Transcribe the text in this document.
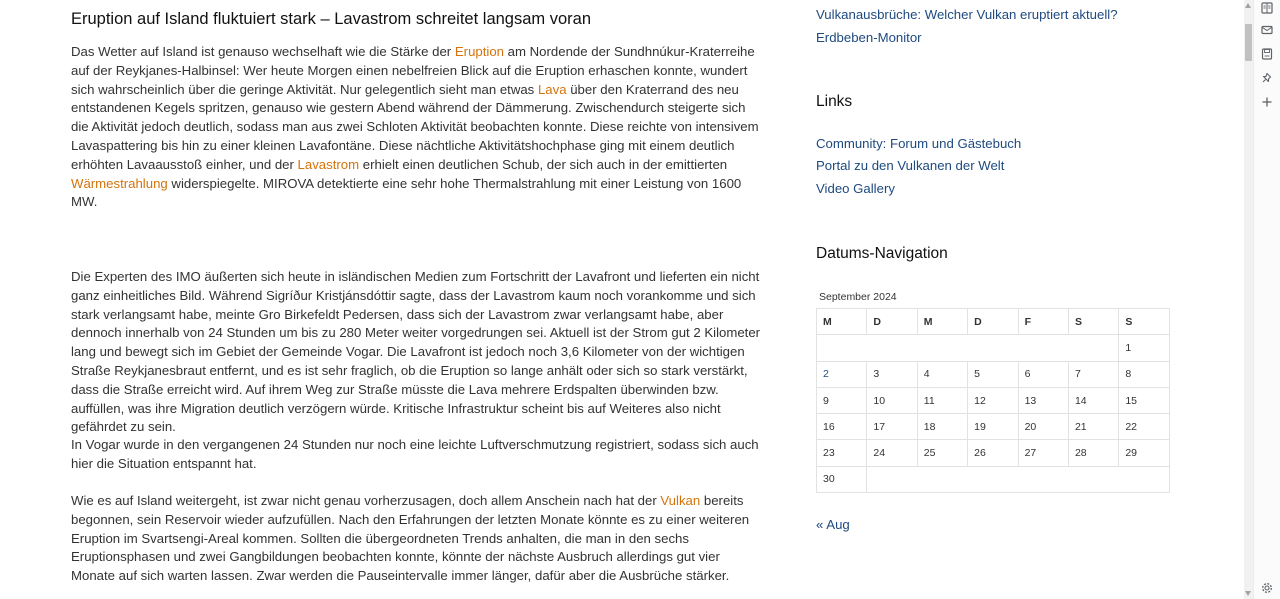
Eruption auf Island fluktuiert stark – Lavastrom schreitet langsam voran

Das Wetter auf Island ist genauso wechselhaft wie die Stärke der Eruption am Nordende der Sundhnúkur-Kraterreihe auf der Reykjanes-Halbinsel: Wer heute Morgen einen nebelfreien Blick auf die Eruption erhaschen konnte, wundert sich wahrscheinlich über die geringe Aktivität. Nur gelegentlich sieht man etwas Lava über den Kraterrand des neu entstandenen Kegels spritzen, genauso wie gestern Abend während der Dämmerung. Zwischendurch steigerte sich die Aktivität jedoch deutlich, sodass man aus zwei Schloten Aktivität beobachten konnte. Diese reichte von intensivem Lavaspattering bis hin zu einer kleinen Lavafontäne. Diese nächtliche Aktivitätshochphase ging mit einem deutlich erhöhten Lavaausstoß einher, und der Lavastrom erhielt einen deutlichen Schub, der sich auch in der emittierten Wärmestrahlung widerspiegelte. MIROVA detektierte eine sehr hohe Thermalstrahlung mit einer Leistung von 1600 MW.

Die Experten des IMO äußerten sich heute in isländischen Medien zum Fortschritt der Lavafront und lieferten ein nicht ganz einheitliches Bild. Während Sigríður Kristjánsdóttir sagte, dass der Lavastrom kaum noch vorankomme und sich stark verlangsamt habe, meinte Gro Birkefeldt Pedersen, dass sich der Lavastrom zwar verlangsamt habe, aber dennoch innerhalb von 24 Stunden um bis zu 280 Meter weiter vorgedrungen sei. Aktuell ist der Strom gut 2 Kilometer lang und bewegt sich im Gebiet der Gemeinde Vogar. Die Lavafront ist jedoch noch 3,6 Kilometer von der wichtigen Straße Reykjanesbraut entfernt, und es ist sehr fraglich, ob die Eruption so lange anhält oder sich so stark verstärkt, dass die Straße erreicht wird. Auf ihrem Weg zur Straße müsste die Lava mehrere Erdspalten überwinden bzw. auffüllen, was ihre Migration deutlich verzögern würde. Kritische Infrastruktur scheint bis auf Weiteres also nicht gefährdet zu sein.

In Vogar wurde in den vergangenen 24 Stunden nur noch eine leichte Luftverschmutzung registriert, sodass sich auch hier die Situation entspannt hat.

Wie es auf Island weitergeht, ist zwar nicht genau vorherzusagen, doch allem Anschein nach hat der Vulkan bereits begonnen, sein Reservoir wieder aufzufüllen. Nach den Erfahrungen der letzten Monate könnte es zu einer weiteren Eruption im Svartsengi-Areal kommen. Sollten die übergeordneten Trends anhalten, die man in den sechs Eruptionsphasen und zwei Gangbildungen beobachten konnte, könnte der nächste Ausbruch allerdings gut vier Monate auf sich warten lassen. Zwar werden die Pauseintervalle immer länger, dafür aber die Ausbrüche stärker.

Vulkanausbrüche: Welcher Vulkan eruptiert aktuell?
Erdbeben-Monitor
Links
Community: Forum und Gästebuch
Portal zu den Vulkanen der Welt
Video Gallery
Datums-Navigation
September 2024
M	D	M	D	F	S	S
						1
2	3	4	5	6	7	8
9	10	11	12	13	14	15
16	17	18	19	20	21	22
23	24	25	26	27	28	29
30						
« Aug
